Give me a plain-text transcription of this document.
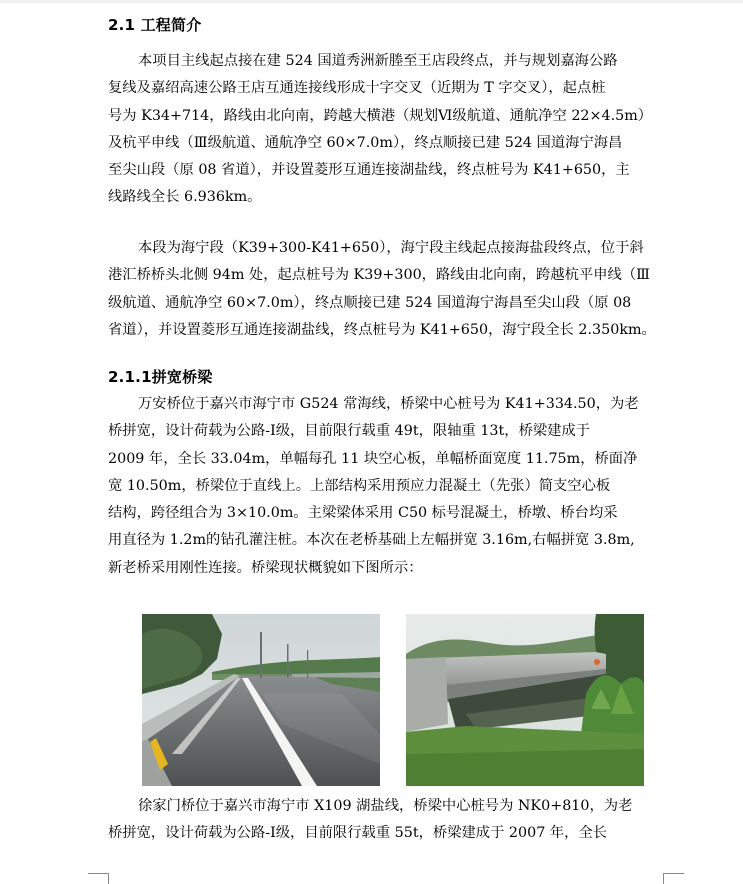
2.1 工程简介
本项目主线起点接在建 524 国道秀洲新塍至王店段终点，并与规划嘉海公路
复线及嘉绍高速公路王店互通连接线形成十字交叉（近期为 T 字交叉），起点桩
号为 K34+714，路线由北向南，跨越大横港（规划Ⅵ级航道、通航净空 22×4.5m）
及杭平申线（Ⅲ级航道、通航净空 60×7.0m），终点顺接已建 524 国道海宁海昌
至尖山段（原 08 省道），并设置菱形互通连接湖盐线，终点桩号为 K41+650，主
线路线全长 6.936km。
本段为海宁段（K39+300-K41+650），海宁段主线起点接海盐段终点，位于斜
港汇桥桥头北侧 94m 处，起点桩号为 K39+300，路线由北向南，跨越杭平申线（Ⅲ
级航道、通航净空 60×7.0m），终点顺接已建 524 国道海宁海昌至尖山段（原 08
省道），并设置菱形互通连接湖盐线，终点桩号为 K41+650，海宁段全长 2.350km。
2.1.1拼宽桥梁
万安桥位于嘉兴市海宁市 G524 常海线，桥梁中心桩号为 K41+334.50，为老
桥拼宽，设计荷载为公路-Ⅰ级，目前限行载重 49t，限轴重 13t，桥梁建成于
2009 年，全长 33.04m，单幅每孔 11 块空心板，单幅桥面宽度 11.75m，桥面净
宽 10.50m，桥梁位于直线上。上部结构采用预应力混凝土（先张）简支空心板
结构，跨径组合为 3×10.0m。主梁梁体采用 C50 标号混凝土，桥墩、桥台均采
用直径为 1.2m的钻孔灌注桩。本次在老桥基础上左幅拼宽 3.16m,右幅拼宽 3.8m,
新老桥采用刚性连接。桥梁现状概貌如下图所示：
徐家门桥位于嘉兴市海宁市 X109 湖盐线，桥梁中心桩号为 NK0+810，为老
桥拼宽，设计荷载为公路-Ⅰ级，目前限行载重 55t，桥梁建成于 2007 年，全长
